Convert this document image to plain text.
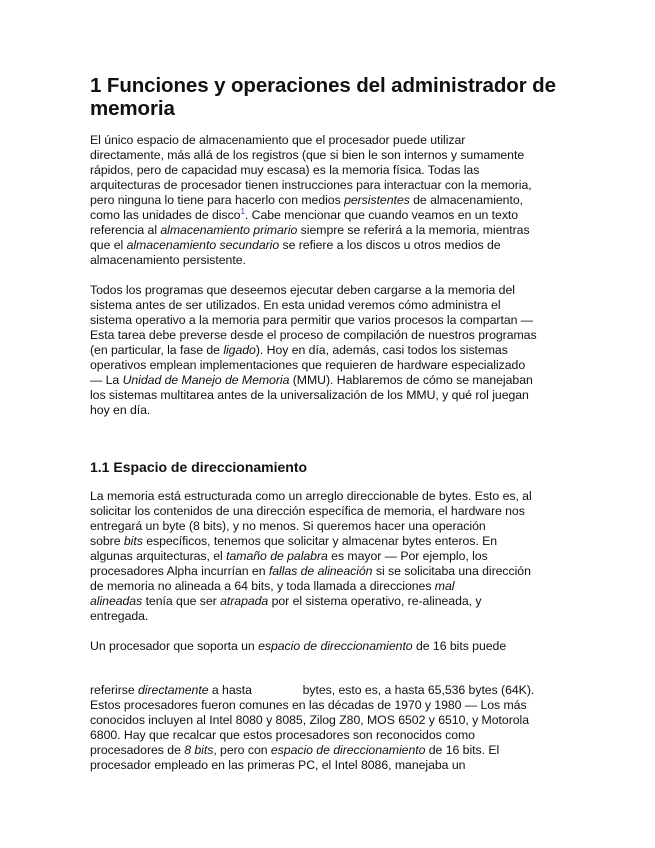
1 Funciones y operaciones del administrador de
memoria

El único espacio de almacenamiento que el procesador puede utilizar
directamente, más allá de los registros (que si bien le son internos y sumamente
rápidos, pero de capacidad muy escasa) es la memoria física. Todas las
arquitecturas de procesador tienen instrucciones para interactuar con la memoria,
pero ninguna lo tiene para hacerlo con medios persistentes de almacenamiento,
como las unidades de disco$^1$. Cabe mencionar que cuando veamos en un texto
referencia al almacenamiento primario siempre se referirá a la memoria, mientras
que el almacenamiento secundario se refiere a los discos u otros medios de
almacenamiento persistente.

Todos los programas que deseemos ejecutar deben cargarse a la memoria del
sistema antes de ser utilizados. En esta unidad veremos cómo administra el
sistema operativo a la memoria para permitir que varios procesos la compartan —
Esta tarea debe preverse desde el proceso de compilación de nuestros programas
(en particular, la fase de ligado). Hoy en día, además, casi todos los sistemas
operativos emplean implementaciones que requieren de hardware especializado
— La Unidad de Manejo de Memoria (MMU). Hablaremos de cómo se manejaban
los sistemas multitarea antes de la universalización de los MMU, y qué rol juegan
hoy en día.

1.1 Espacio de direccionamiento

La memoria está estructurada como un arreglo direccionable de bytes. Esto es, al
solicitar los contenidos de una dirección específica de memoria, el hardware nos
entregará un byte (8 bits), y no menos. Si queremos hacer una operación
sobre bits específicos, tenemos que solicitar y almacenar bytes enteros. En
algunas arquitecturas, el tamaño de palabra es mayor — Por ejemplo, los
procesadores Alpha incurrían en fallas de alineación si se solicitaba una dirección
de memoria no alineada a 64 bits, y toda llamada a direcciones mal
alineadas tenía que ser atrapada por el sistema operativo, re-alineada, y
entregada.

Un procesador que soporta un espacio de direccionamiento de 16 bits puede

referirse directamente a hasta	bytes, esto es, a hasta 65,536 bytes (64K).
Estos procesadores fueron comunes en las décadas de 1970 y 1980 — Los más
conocidos incluyen al Intel 8080 y 8085, Zilog Z80, MOS 6502 y 6510, y Motorola
6800. Hay que recalcar que estos procesadores son reconocidos como
procesadores de 8 bits, pero con espacio de direccionamiento de 16 bits. El
procesador empleado en las primeras PC, el Intel 8086, manejaba un
